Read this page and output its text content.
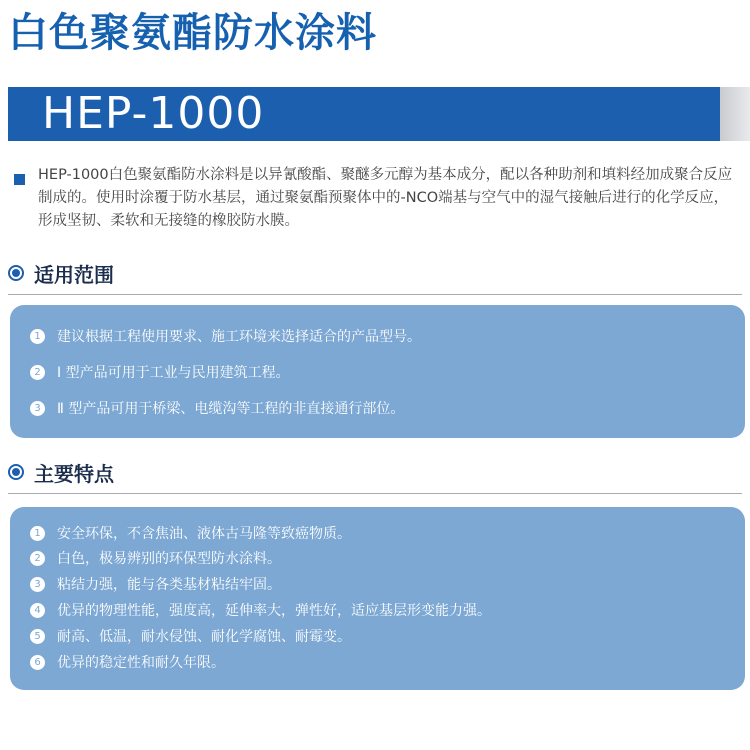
白色聚氨酯防水涂料
HEP-1000

HEP-1000白色聚氨酯防水涂料是以异氰酸酯、聚醚多元醇为基本成分，配以各种助剂和填料经加成聚合反应制成的。使用时涂覆于防水基层，通过聚氨酯预聚体中的-NCO端基与空气中的湿气接触后进行的化学反应，形成坚韧、柔软和无接缝的橡胶防水膜。

适用范围
1	建议根据工程使用要求、施工环境来选择适合的产品型号。
2	Ⅰ 型产品可用于工业与民用建筑工程。
3	Ⅱ 型产品可用于桥梁、电缆沟等工程的非直接通行部位。
主要特点
1	安全环保，不含焦油、液体古马隆等致癌物质。
2	白色，极易辨别的环保型防水涂料。
3	粘结力强，能与各类基材粘结牢固。
4	优异的物理性能，强度高，延伸率大，弹性好，适应基层形变能力强。
5	耐高、低温，耐水侵蚀、耐化学腐蚀、耐霉变。
6	优异的稳定性和耐久年限。
